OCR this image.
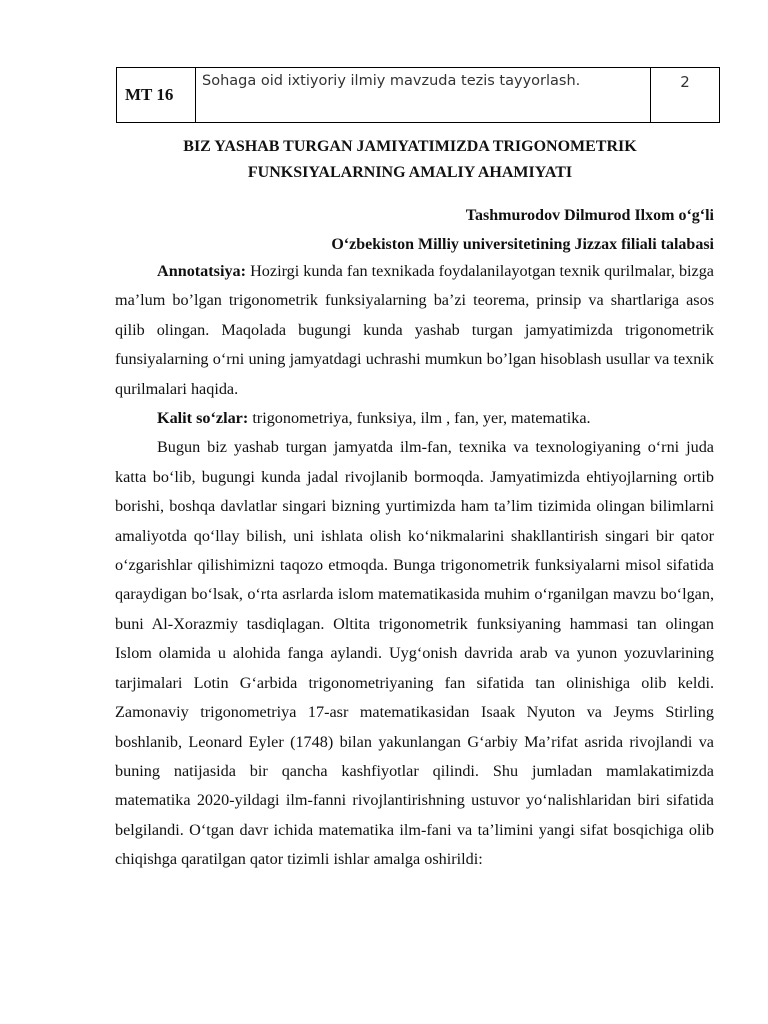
MT 16	Sohaga oid ixtiyoriy ilmiy mavzuda tezis tayyorlash.	2
BIZ YASHAB TURGAN JAMIYATIMIZDA TRIGONOMETRIK
FUNKSIYALARNING AMALIY AHAMIYATI
Tashmurodov Dilmurod Ilxom o‘g‘li
O‘zbekiston Milliy universitetining Jizzax filiali talabasi

Annotatsiya: Hozirgi kunda fan texnikada foydalanilayotgan texnik qurilmalar, bizga ma’lum bo’lgan trigonometrik funksiyalarning ba’zi teorema, prinsip va shartlariga asos qilib olingan. Maqolada bugungi kunda yashab turgan jamyatimizda trigonometrik funsiyalarning o‘rni uning jamyatdagi uchrashi mumkun bo’lgan hisoblash usullar va texnik qurilmalari haqida.

Kalit so‘zlar: trigonometriya, funksiya, ilm , fan, yer, matematika.

Bugun biz yashab turgan jamyatda ilm-fan, texnika va texnologiyaning o‘rni juda katta bo‘lib, bugungi kunda jadal rivojlanib bormoqda. Jamyatimizda ehtiyojlarning ortib borishi, boshqa davlatlar singari bizning yurtimizda ham ta’lim tizimida olingan bilimlarni amaliyotda qo‘llay bilish, uni ishlata olish ko‘nikmalarini shakllantirish singari bir qator o‘zgarishlar qilishimizni taqozo etmoqda. Bunga trigonometrik funksiyalarni misol sifatida qaraydigan bo‘lsak, o‘rta asrlarda islom matematikasida muhim o‘rganilgan mavzu bo‘lgan, buni Al-Xorazmiy tasdiqlagan. Oltita trigonometrik funksiyaning hammasi tan olingan Islom olamida u alohida fanga aylandi. Uyg‘onish davrida arab va yunon yozuvlarining tarjimalari Lotin G‘arbida trigonometriyaning fan sifatida tan olinishiga olib keldi. Zamonaviy trigonometriya 17-asr matematikasidan Isaak Nyuton va Jeyms Stirling boshlanib, Leonard Eyler (1748) bilan yakunlangan G‘arbiy Ma’rifat asrida rivojlandi va buning natijasida bir qancha kashfiyotlar qilindi. Shu jumladan mamlakatimizda matematika 2020-yildagi ilm-fanni rivojlantirishning ustuvor yo‘nalishlaridan biri sifatida belgilandi. O‘tgan davr ichida matematika ilm-fani va ta’limini yangi sifat bosqichiga olib chiqishga qaratilgan qator tizimli ishlar amalga oshirildi:
